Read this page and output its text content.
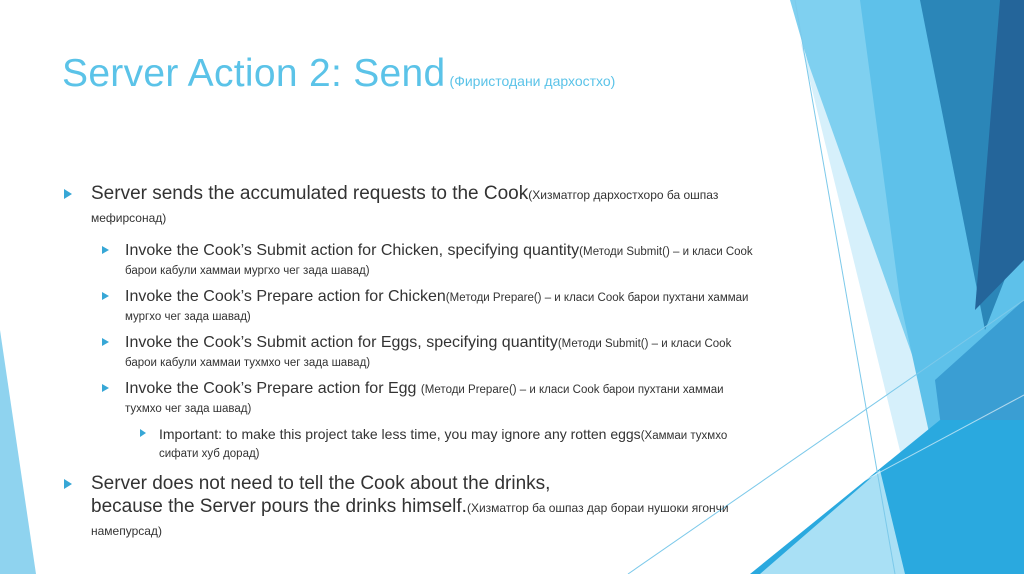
Server Action 2: Send (Фиристодани дархостхо)
Server sends the accumulated requests to the Cook(Хизматгор дархостхоро ба ошпаз мефирсонад)
Invoke the Cook’s Submit action for Chicken, specifying quantity(Методи Submit() – и класи Cook барои кабули хаммаи мургхо чег зада шавад)
Invoke the Cook’s Prepare action for Chicken(Методи Prepare() – и класи Cook барои пухтани хаммаи мургхо чег зада шавад)
Invoke the Cook’s Submit action for Eggs, specifying quantity(Методи Submit() – и класи Cook барои кабули хаммаи тухмхо чег зада шавад)
Invoke the Cook’s Prepare action for Egg (Методи Prepare() – и класи Cook барои пухтани хаммаи тухмхо чег зада шавад)
Important: to make this project take less time, you may ignore any rotten eggs(Хаммаи тухмхо сифати хуб дорад)
Server does not need to tell the Cook about the drinks,
because the Server pours the drinks himself.(Хизматгор ба ошпаз дар бораи нушоки ягончи намепурсад)
